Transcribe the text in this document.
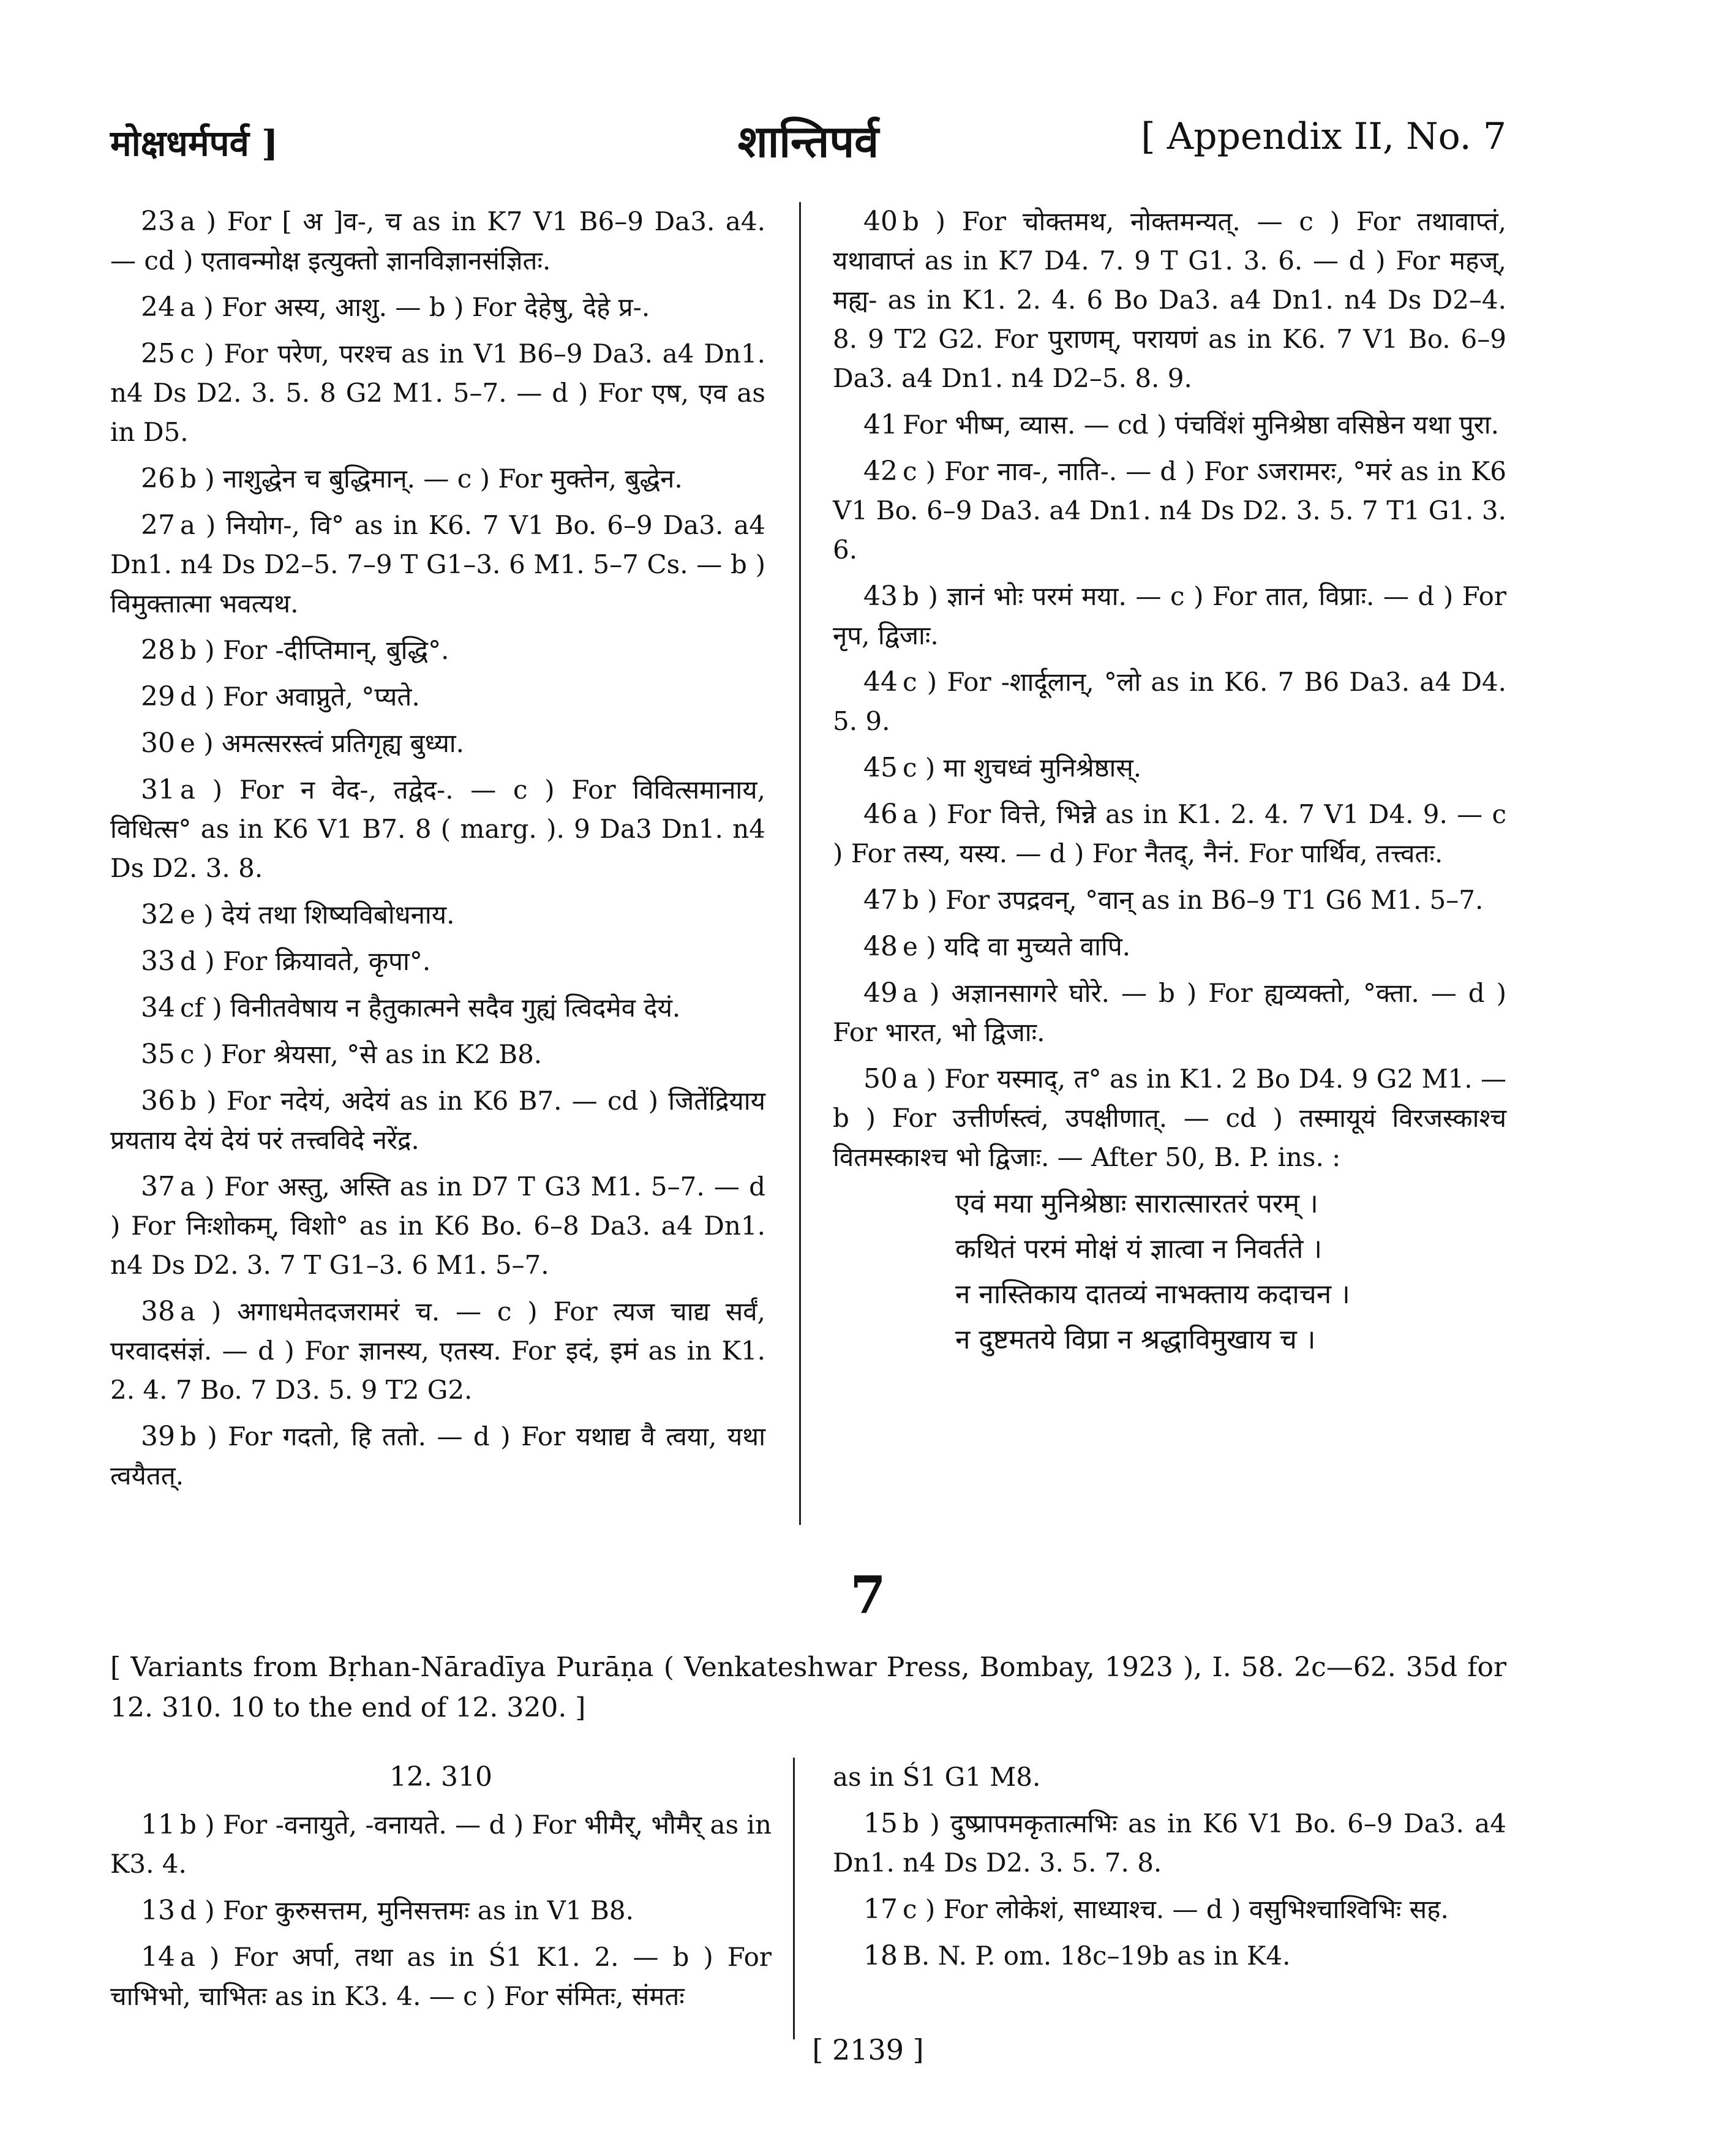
मोक्षधर्मपर्व ]	शान्तिपर्व	[ Appendix II, No. 7
23 a ) For [ अ ]व-, च as in K7 V1 B6–9 Da3. a4. — cd ) एतावन्मोक्ष इत्युक्तो ज्ञानविज्ञानसंज्ञितः.
24 a ) For अस्य, आशु. — b ) For देहेषु, देहे प्र-.
25 c ) For परेण, परश्च as in V1 B6–9 Da3. a4 Dn1. n4 Ds D2. 3. 5. 8 G2 M1. 5–7. — d ) For एष, एव as in D5.
26 b ) नाशुद्धेन च बुद्धिमान्. — c ) For मुक्तेन, बुद्धेन.
27 a ) नियोग-, वि° as in K6. 7 V1 Bo. 6–9 Da3. a4 Dn1. n4 Ds D2–5. 7–9 T G1–3. 6 M1. 5–7 Cs. — b ) विमुक्तात्मा भवत्यथ.
28 b ) For -दीप्तिमान्, बुद्धि°.
29 d ) For अवाप्नुते, °प्यते.
30 e ) अमत्सरस्त्वं प्रतिगृह्य बुध्या.
31 a ) For न वेद-, तद्वेद-. — c ) For विवित्समानाय, विधित्स° as in K6 V1 B7. 8 ( marg. ). 9 Da3 Dn1. n4 Ds D2. 3. 8.
32 e ) देयं तथा शिष्यविबोधनाय.
33 d ) For क्रियावते, कृपा°.
34 cf ) विनीतवेषाय न हैतुकात्मने सदैव गुह्यं त्विदमेव देयं.
35 c ) For श्रेयसा, °से as in K2 B8.
36 b ) For नदेयं, अदेयं as in K6 B7. — cd ) जितेंद्रियाय प्रयताय देयं देयं परं तत्त्वविदे नरेंद्र.
37 a ) For अस्तु, अस्ति as in D7 T G3 M1. 5–7. — d ) For निःशोकम्, विशो° as in K6 Bo. 6–8 Da3. a4 Dn1. n4 Ds D2. 3. 7 T G1–3. 6 M1. 5–7.
38 a ) अगाधमेतदजरामरं च. — c ) For त्यज चाद्य सर्वं, परवादसंज्ञं. — d ) For ज्ञानस्य, एतस्य. For इदं, इमं as in K1. 2. 4. 7 Bo. 7 D3. 5. 9 T2 G2.
39 b ) For गदतो, हि ततो. — d ) For यथाद्य वै त्वया, यथा त्वयैतत्.
40 b ) For चोक्तमथ, नोक्तमन्यत्. — c ) For तथावाप्तं, यथावाप्तं as in K7 D4. 7. 9 T G1. 3. 6. — d ) For महज्, मह्य- as in K1. 2. 4. 6 Bo Da3. a4 Dn1. n4 Ds D2–4. 8. 9 T2 G2. For पुराणम्, परायणं as in K6. 7 V1 Bo. 6–9 Da3. a4 Dn1. n4 D2–5. 8. 9.
41 For भीष्म, व्यास. — cd ) पंचविंशं मुनिश्रेष्ठा वसिष्ठेन यथा पुरा.
42 c ) For नाव-, नाति-. — d ) For ऽजरामरः, °मरं as in K6 V1 Bo. 6–9 Da3. a4 Dn1. n4 Ds D2. 3. 5. 7 T1 G1. 3. 6.
43 b ) ज्ञानं भोः परमं मया. — c ) For तात, विप्राः. — d ) For नृप, द्विजाः.
44 c ) For -शार्दूलान्, °लो as in K6. 7 B6 Da3. a4 D4. 5. 9.
45 c ) मा शुचध्वं मुनिश्रेष्ठास्.
46 a ) For वित्ते, भिन्ने as in K1. 2. 4. 7 V1 D4. 9. — c ) For तस्य, यस्य. — d ) For नैतद्, नैनं. For पार्थिव, तत्त्वतः.
47 b ) For उपद्रवन्, °वान् as in B6–9 T1 G6 M1. 5–7.
48 e ) यदि वा मुच्यते वापि.
49 a ) अज्ञानसागरे घोरे. — b ) For ह्यव्यक्तो, °क्ता. — d ) For भारत, भो द्विजाः.
50 a ) For यस्माद्, त° as in K1. 2 Bo D4. 9 G2 M1. — b ) For उत्तीर्णस्त्वं, उपक्षीणात्. — cd ) तस्मायूयं विरजस्काश्च वितमस्काश्च भो द्विजाः. — After 50, B. P. ins. :
एवं मया मुनिश्रेष्ठाः सारात्सारतरं परम् ।
कथितं परमं मोक्षं यं ज्ञात्वा न निवर्तते ।
न नास्तिकाय दातव्यं नाभक्ताय कदाचन ।
न दुष्टमतये विप्रा न श्रद्धाविमुखाय च ।
7
[ Variants from Bṛhan-Nāradīya Purāṇa ( Venkateshwar Press, Bombay, 1923 ), I. 58. 2c—62. 35d for 12. 310. 10 to the end of 12. 320. ]
12. 310
11 b ) For -वनायुते, -वनायते. — d ) For भीमैर्, भौमैर् as in K3. 4.
13 d ) For कुरुसत्तम, मुनिसत्तमः as in V1 B8.
14 a ) For अर्पा, तथा as in Ś1 K1. 2. — b ) For चाभिभो, चाभितः as in K3. 4. — c ) For संमितः, संमतः
as in Ś1 G1 M8.
15 b ) दुष्प्रापमकृतात्मभिः as in K6 V1 Bo. 6–9 Da3. a4 Dn1. n4 Ds D2. 3. 5. 7. 8.
17 c ) For लोकेशं, साध्याश्च. — d ) वसुभिश्चाश्विभिः सह.
18 B. N. P. om. 18c–19b as in K4.
[ 2139 ]
